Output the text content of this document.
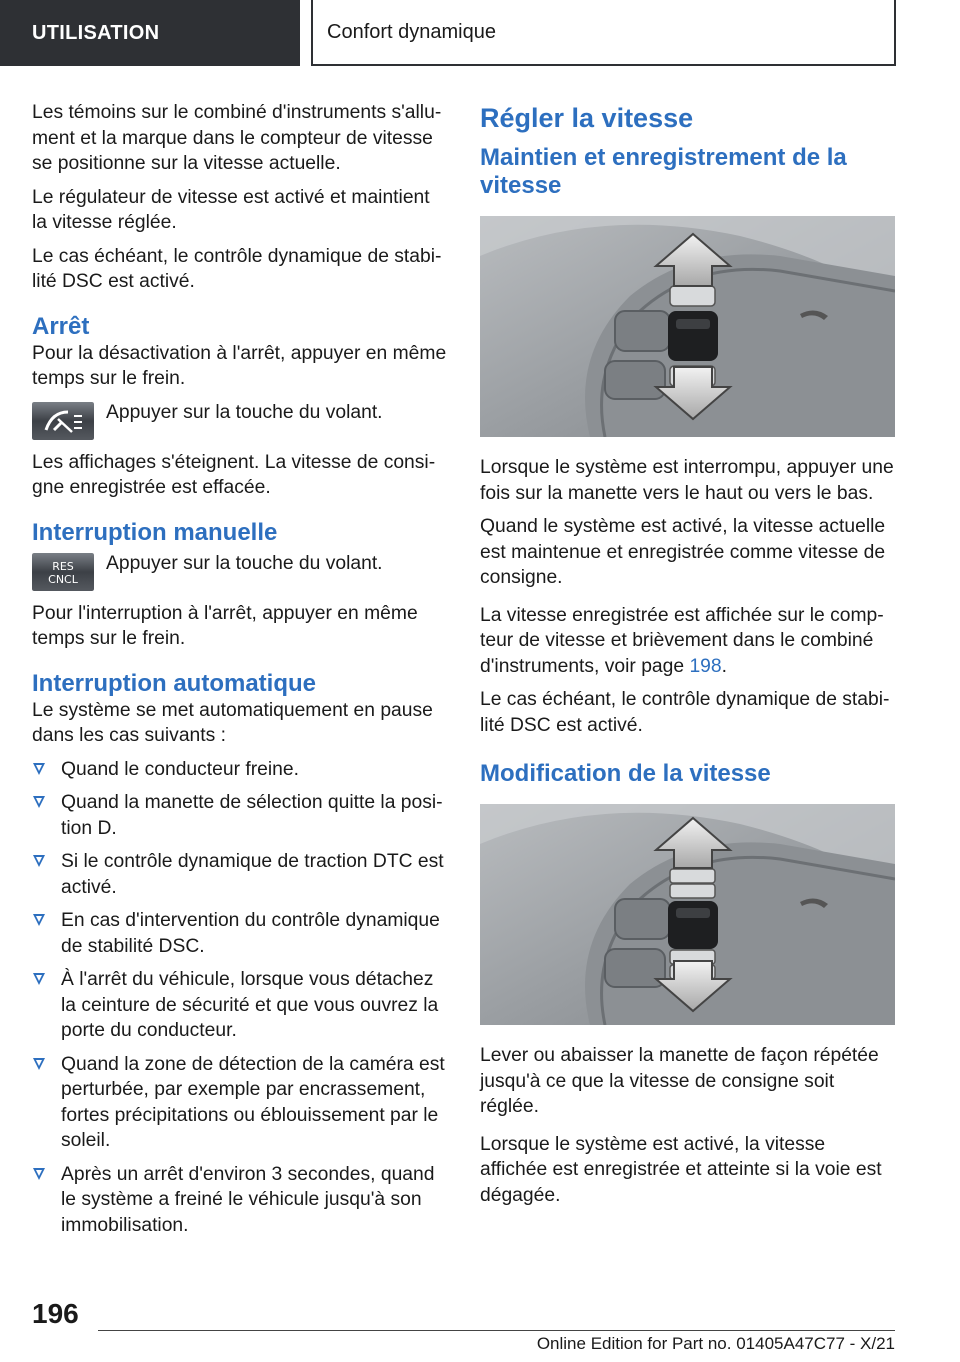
UTILISATION	Confort dynamique

Les témoins sur le combiné d'instruments s'allument et la marque dans le compteur de vitesse se positionne sur la vitesse actuelle.

Le régulateur de vitesse est activé et maintient la vitesse réglée.

Le cas échéant, le contrôle dynamique de stabilité DSC est activé.

Arrêt

Pour la désactivation à l'arrêt, appuyer en même temps sur le frein.

Appuyer sur la touche du volant.

Les affichages s'éteignent. La vitesse de consigne enregistrée est effacée.

Interruption manuelle
RES
CNCL

Appuyer sur la touche du volant.

Pour l'interruption à l'arrêt, appuyer en même temps sur le frein.

Interruption automatique

Le système se met automatiquement en pause dans les cas suivants :

Quand le conducteur freine.
Quand la manette de sélection quitte la position D.
Si le contrôle dynamique de traction DTC est activé.
En cas d'intervention du contrôle dynamique de stabilité DSC.
À l'arrêt du véhicule, lorsque vous détachez la ceinture de sécurité et que vous ouvrez la porte du conducteur.
Quand la zone de détection de la caméra est perturbée, par exemple par encrassement, fortes précipitations ou éblouissement par le soleil.
Après un arrêt d'environ 3 secondes, quand le système a freiné le véhicule jusqu'à son immobilisation.
Régler la vitesse
Maintien et enregistrement de la vitesse

Lorsque le système est interrompu, appuyer une fois sur la manette vers le haut ou vers le bas.

Quand le système est activé, la vitesse actuelle est maintenue et enregistrée comme vitesse de consigne.

La vitesse enregistrée est affichée sur le compteur de vitesse et brièvement dans le combiné d'instruments, voir page 198.

Le cas échéant, le contrôle dynamique de stabilité DSC est activé.

Modification de la vitesse

Lever ou abaisser la manette de façon répétée jusqu'à ce que la vitesse de consigne soit réglée.

Lorsque le système est activé, la vitesse affichée est enregistrée et atteinte si la voie est dégagée.

196
Online Edition for Part no. 01405A47C77 - X/21
